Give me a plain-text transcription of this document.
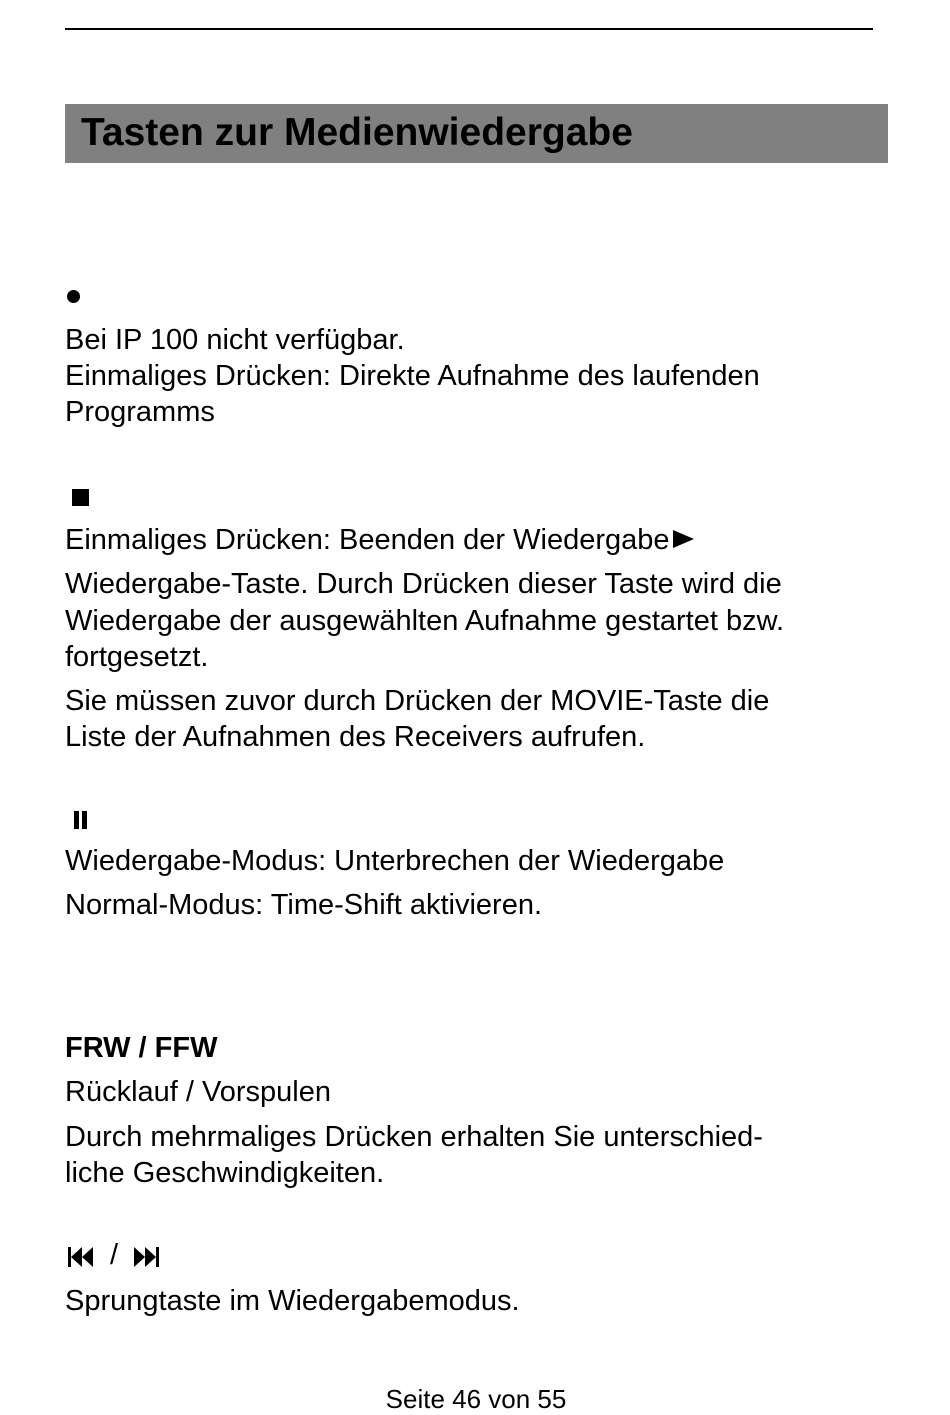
Tasten zur Medienwiedergabe
Bei IP 100 nicht verfügbar.
Einmaliges Drücken: Direkte Aufnahme des laufenden
Programms
Einmaliges Drücken: Beenden der Wiedergabe
Wiedergabe-Taste. Durch Drücken dieser Taste wird die
Wiedergabe der ausgewählten Aufnahme gestartet bzw.
fortgesetzt.
Sie müssen zuvor durch Drücken der MOVIE-Taste die
Liste der Aufnahmen des Receivers aufrufen.
Wiedergabe-Modus: Unterbrechen der Wiedergabe
Normal-Modus: Time-Shift aktivieren.
FRW / FFW
Rücklauf / Vorspulen
Durch mehrmaliges Drücken erhalten Sie unterschied-
liche Geschwindigkeiten.
/
Sprungtaste im Wiedergabemodus.
Seite 46 von 55
